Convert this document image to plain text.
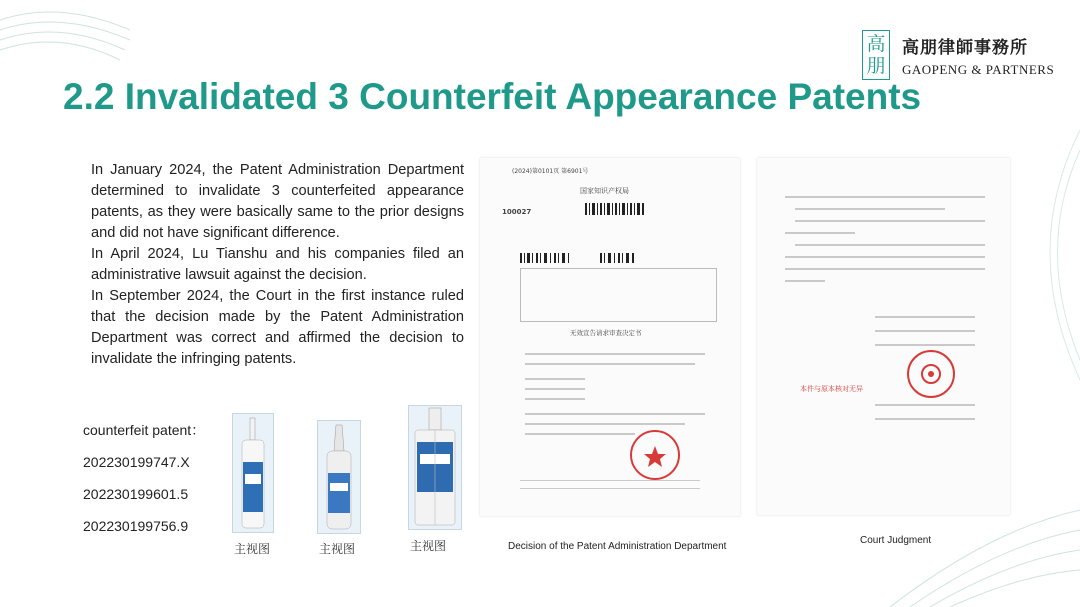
高
朋
高朋律師事務所
GAOPENG & PARTNERS
2.2 Invalidated 3 Counterfeit Appearance Patents

In January 2024, the Patent Administration Department determined to invalidate 3 counterfeited appearance patents, as they were basically same to the prior designs and did not have significant difference.

In April 2024, Lu Tianshu and his companies filed an administrative lawsuit against the decision.

In September 2024, the Court in the first instance ruled that the decision made by the Patent Administration Department was correct and affirmed the decision to invalidate the infringing patents.

counterfeit patent：
202230199747.X
202230199601.5
202230199756.9
主视图	主视图	主视图
(2024)第0101页 第6901号
国家知识产权局
100027
无效宣告请求审查决定书
Decision of the Patent Administration Department
本件与原本核对无异
Court Judgment
